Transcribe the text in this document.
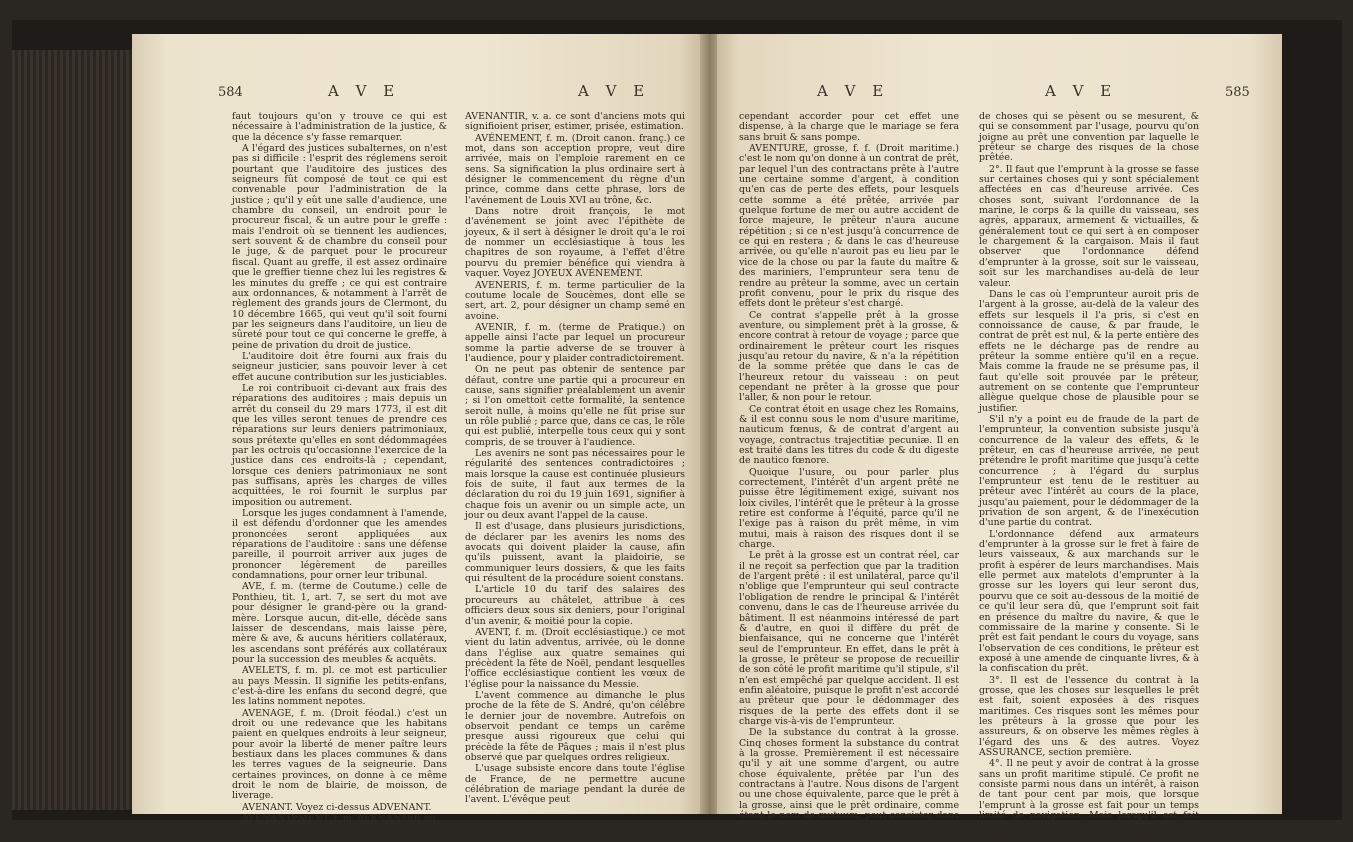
584	A V E	A V E

faut toujours qu'on y trouve ce qui est nécessaire à l'administration de la justice, & que la décence s'y fasse remarquer.

A l'égard des justices subalternes, on n'est pas si difficile : l'esprit des réglemens seroit pourtant que l'auditoire des justices des seigneurs fût composé de tout ce qui est convenable pour l'administration de la justice ; qu'il y eût une salle d'audience, une chambre du conseil, un endroit pour le procureur fiscal, & un autre pour le greffe : mais l'endroit où se tiennent les audiences, sert souvent & de chambre du conseil pour le juge, & de parquet pour le procureur fiscal. Quant au greffe, il est assez ordinaire que le greffier tienne chez lui les registres & les minutes du greffe ; ce qui est contraire aux ordonnances, & notamment à l'arrêt de règlement des grands jours de Clermont, du 10 décembre 1665, qui veut qu'il soit fourni par les seigneurs dans l'auditoire, un lieu de sûreté pour tout ce qui concerne le greffe, à peine de privation du droit de justice.

L'auditoire doit être fourni aux frais du seigneur justicier, sans pouvoir lever à cet effet aucune contribution sur les justiciables.

Le roi contribuoit ci-devant aux frais des réparations des auditoires ; mais depuis un arrêt du conseil du 29 mars 1773, il est dit que les villes seront tenues de prendre ces réparations sur leurs deniers patrimoniaux, sous prétexte qu'elles en sont dédommagées par les octrois qu'occasionne l'exercice de la justice dans ces endroits-là ; cependant, lorsque ces deniers patrimoniaux ne sont pas suffisans, après les charges de villes acquittées, le roi fournit le surplus par imposition ou autrement.

Lorsque les juges condamnent à l'amende, il est défendu d'ordonner que les amendes prononcées seront appliquées aux réparations de l'auditoire : sans une défense pareille, il pourroit arriver aux juges de prononcer légèrement de pareilles condamnations, pour orner leur tribunal.

AVE, f. m. (terme de Coutume.) celle de Ponthieu, tit. 1, art. 7, se sert du mot ave pour désigner le grand-père ou la grand-mère. Lorsque aucun, dit-elle, décède sans laisser de descendans, mais laisse père, mère & ave, & aucuns héritiers collatéraux, les ascendans sont préférés aux collatéraux pour la succession des meubles & acquêts.

AVELETS, f. m. pl. ce mot est particulier au pays Messin. Il signifie les petits-enfans, c'est-à-dire les enfans du second degré, que les latins nomment nepotes.

AVENAGE, f. m. (Droit féodal.) c'est un droit ou une redevance que les habitans paient en quelques endroits à leur seigneur, pour avoir la liberté de mener paître leurs bestiaux dans les places communes & dans les terres vagues de la seigneurie. Dans certaines provinces, on donne à ce même droit le nom de blairie, de moisson, de liverage.

AVENANT. Voyez ci-dessus ADVENANT.

AVENANTEMENT, f. m. AVENANTER ou

AVENANTIR, v. a. ce sont d'anciens mots qui signifioient priser, estimer, prisée, estimation.

AVÉNEMENT, f. m. (Droit canon. franç.) ce mot, dans son acception propre, veut dire arrivée, mais on l'emploie rarement en ce sens. Sa signification la plus ordinaire sert à désigner le commencement du règne d'un prince, comme dans cette phrase, lors de l'avénement de Louis XVI au trône, &c.

Dans notre droit françois, le mot d'avénement se joint avec l'épithète de joyeux, & il sert à désigner le droit qu'a le roi de nommer un ecclésiastique à tous les chapitres de son royaume, à l'effet d'être pourvu du premier bénéfice qui viendra à vaquer. Voyez JOYEUX AVÉNEMENT.

AVENERIS, f. m. terme particulier de la coutume locale de Soucèmes, dont elle se sert, art. 2, pour désigner un champ semé en avoine.

AVENIR, f. m. (terme de Pratique.) on appelle ainsi l'acte par lequel un procureur somme la partie adverse de se trouver à l'audience, pour y plaider contradictoirement.

On ne peut pas obtenir de sentence par défaut, contre une partie qui a procureur en cause, sans signifier préalablement un avenir ; si l'on omettoit cette formalité, la sentence seroit nulle, à moins qu'elle ne fût prise sur un rôle publié ; parce que, dans ce cas, le rôle qui est publié, interpelle tous ceux qui y sont compris, de se trouver à l'audience.

Les avenirs ne sont pas nécessaires pour le régularité des sentences contradictoires ; mais lorsque la cause est continuée plusieurs fois de suite, il faut aux termes de la déclaration du roi du 19 juin 1691, signifier à chaque fois un avenir ou un simple acte, un jour ou deux avant l'appel de la cause.

Il est d'usage, dans plusieurs jurisdictions, de déclarer par les avenirs les noms des avocats qui doivent plaider la cause, afin qu'ils puissent, avant la plaidoirie, se communiquer leurs dossiers, & que les faits qui résultent de la procédure soient constans.

L'article 10 du tarif des salaires des procureurs au châtelet, attribue à ces officiers deux sous six deniers, pour l'original d'un avenir, & moitié pour la copie.

AVENT, f. m. (Droit ecclésiastique.) ce mot vient du latin adventus, arrivée, où le donne dans l'église aux quatre semaines qui précèdent la fête de Noël, pendant lesquelles l'office ecclésiastique contient les vœux de l'église pour la naissance du Messie.

L'avent commence au dimanche le plus proche de la fête de S. André, qu'on célèbre le dernier jour de novembre. Autrefois on observoit pendant ce temps un carême presque aussi rigoureux que celui qui précède la fête de Pâques ; mais il n'est plus observé que par quelques ordres religieux.

L'usage subsiste encore dans toute l'église de France, de ne permettre aucune célébration de mariage pendant la durée de l'avent. L'évêque peut

A V E	A V E	585

cependant accorder pour cet effet une dispense, à la charge que le mariage se fera sans bruit & sans pompe.

AVENTURE, grosse, f. f. (Droit maritime.) c'est le nom qu'on donne à un contrat de prêt, par lequel l'un des contractans prête à l'autre une certaine somme d'argent, à condition qu'en cas de perte des effets, pour lesquels cette somme a été prêtée, arrivée par quelque fortune de mer ou autre accident de force majeure, le prêteur n'aura aucune répétition ; si ce n'est jusqu'à concurrence de ce qui en restera ; & dans le cas d'heureuse arrivée, ou qu'elle n'auroit pas eu lieu par le vice de la chose ou par la faute du maître & des mariniers, l'emprunteur sera tenu de rendre au prêteur la somme, avec un certain profit convenu, pour le prix du risque des effets dont le prêteur s'est chargé.

Ce contrat s'appelle prêt à la grosse aventure, ou simplement prêt à la grosse, & encore contrat à retour de voyage ; parce que ordinairement le prêteur court les risques jusqu'au retour du navire, & n'a la répétition de la somme prêtée que dans le cas de l'heureux retour du vaisseau : on peut cependant ne prêter à la grosse que pour l'aller, & non pour le retour.

Ce contrat étoit en usage chez les Romains, & il est connu sous le nom d'usure maritime, nauticum fœnus, & de contrat d'argent au voyage, contractus trajectitiæ pecuniæ. Il en est traité dans les titres du code & du digeste de nautico fœnore.

Quoique l'usure, ou pour parler plus correctement, l'intérêt d'un argent prêté ne puisse être légitimement exigé, suivant nos loix civiles, l'intérêt que le prêteur à la grosse retire est conforme à l'équité, parce qu'il ne l'exige pas à raison du prêt même, in vim mutui, mais à raison des risques dont il se charge.

Le prêt à la grosse est un contrat réel, car il ne reçoit sa perfection que par la tradition de l'argent prêté : il est unilatéral, parce qu'il n'oblige que l'emprunteur qui seul contracte l'obligation de rendre le principal & l'intérêt convenu, dans le cas de l'heureuse arrivée du bâtiment. Il est néanmoins intéressé de part & d'autre, en quoi il diffère du prêt de bienfaisance, qui ne concerne que l'intérêt seul de l'emprunteur. En effet, dans le prêt à la grosse, le prêteur se propose de recueillir de son côté le profit maritime qu'il stipule, s'il n'en est empêché par quelque accident. Il est enfin aléatoire, puisque le profit n'est accordé au prêteur que pour le dédommager des risques de la perte des effets dont il se charge vis-à-vis de l'emprunteur.

De la substance du contrat à la grosse. Cinq choses forment la substance du contrat à la grosse. Premièrement il est nécessaire qu'il y ait une somme d'argent, ou autre chose équivalente, prêtée par l'un des contractans à l'autre. Nous disons de l'argent ou une chose équivalente, parce que le prêt à la grosse, ainsi que le prêt ordinaire, comme étant le nom de mutuum, peut consister dans toute espèce

de choses qui se pèsent ou se mesurent, & qui se consomment par l'usage, pourvu qu'on joigne au prêt une convention par laquelle le prêteur se charge des risques de la chose prêtée.

2°. Il faut que l'emprunt à la grosse se fasse sur certaines choses qui y sont spécialement affectées en cas d'heureuse arrivée. Ces choses sont, suivant l'ordonnance de la marine, le corps & la quille du vaisseau, ses agrès, apparaux, armement & victuailles, & généralement tout ce qui sert à en composer le chargement & la cargaison. Mais il faut observer que l'ordonnance défend d'emprunter à la grosse, soit sur le vaisseau, soit sur les marchandises au-delà de leur valeur.

Dans le cas où l'emprunteur auroit pris de l'argent à la grosse, au-delà de la valeur des effets sur lesquels il l'a pris, si c'est en connoissance de cause, & par fraude, le contrat de prêt est nul, & la perte entière des effets ne le décharge pas de rendre au prêteur la somme entière qu'il en a reçue. Mais comme la fraude ne se présume pas, il faut qu'elle soit prouvée par le prêteur, autrement on se contente que l'emprunteur allègue quelque chose de plausible pour se justifier.

S'il n'y a point eu de fraude de la part de l'emprunteur, la convention subsiste jusqu'à concurrence de la valeur des effets, & le prêteur, en cas d'heureuse arrivée, ne peut prétendre le profit maritime que jusqu'à cette concurrence ; à l'égard du surplus l'emprunteur est tenu de le restituer au prêteur avec l'intérêt au cours de la place, jusqu'au paiement, pour le dédommager de la privation de son argent, & de l'inexécution d'une partie du contrat.

L'ordonnance défend aux armateurs d'emprunter à la grosse sur le fret à faire de leurs vaisseaux, & aux marchands sur le profit à espérer de leurs marchandises. Mais elle permet aux matelots d'emprunter à la grosse sur les loyers qui leur seront dus, pourvu que ce soit au-dessous de la moitié de ce qu'il leur sera dû, que l'emprunt soit fait en présence du maître du navire, & que le commissaire de la marine y consente. Si le prêt est fait pendant le cours du voyage, sans l'observation de ces conditions, le prêteur est exposé à une amende de cinquante livres, & à la confiscation du prêt.

3°. Il est de l'essence du contrat à la grosse, que les choses sur lesquelles le prêt est fait, soient exposées à des risques maritimes. Ces risques sont les mêmes pour les prêteurs à la grosse que pour les assureurs, & on observe les mêmes règles à l'égard des uns & des autres. Voyez ASSURANCE, section première.

4°. Il ne peut y avoir de contrat à la grosse sans un profit maritime stipulé. Ce profit ne consiste parmi nous dans un intérêt, à raison de tant pour cent par mois, que lorsque l'emprunt à la grosse est fait pour un temps limité de navigation. Mais lorsqu'il est fait pour un voyage à certain lieu, il consiste ordinairement dans une somme fixée à
